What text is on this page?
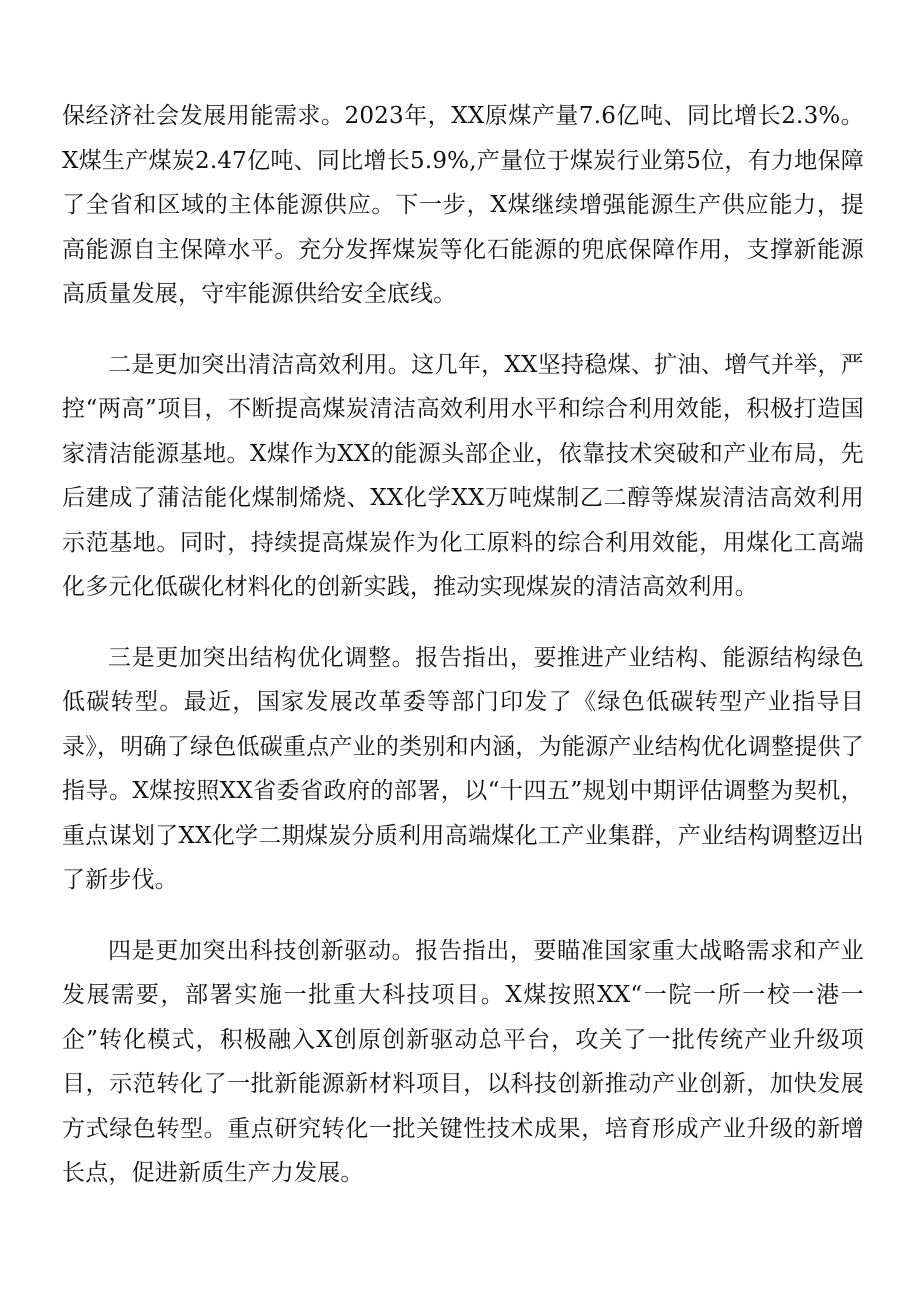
保经济社会发展用能需求。2023年，XX原煤产量7.6亿吨、同比增长2.3%。X煤生产煤炭2.47亿吨、同比增长5.9%,产量位于煤炭行业第5位，有力地保障了全省和区域的主体能源供应。下一步，X煤继续增强能源生产供应能力，提高能源自主保障水平。充分发挥煤炭等化石能源的兜底保障作用，支撑新能源高质量发展，守牢能源供给安全底线。

二是更加突出清洁高效利用。这几年，XX坚持稳煤、扩油、增气并举，严控“两高”项目，不断提高煤炭清洁高效利用水平和综合利用效能，积极打造国家清洁能源基地。X煤作为XX的能源头部企业，依靠技术突破和产业布局，先后建成了蒲洁能化煤制烯烧、XX化学XX万吨煤制乙二醇等煤炭清洁高效利用示范基地。同时，持续提高煤炭作为化工原料的综合利用效能，用煤化工高端化多元化低碳化材料化的创新实践，推动实现煤炭的清洁高效利用。

三是更加突出结构优化调整。报告指出，要推进产业结构、能源结构绿色低碳转型。最近，国家发展改革委等部门印发了《绿色低碳转型产业指导目录》，明确了绿色低碳重点产业的类别和内涵，为能源产业结构优化调整提供了指导。X煤按照XX省委省政府的部署，以“十四五”规划中期评估调整为契机，重点谋划了XX化学二期煤炭分质利用高端煤化工产业集群，产业结构调整迈出了新步伐。

四是更加突出科技创新驱动。报告指出，要瞄准国家重大战略需求和产业发展需要，部署实施一批重大科技项目。X煤按照XX“一院一所一校一港一企”转化模式，积极融入X创原创新驱动总平台，攻关了一批传统产业升级项目，示范转化了一批新能源新材料项目，以科技创新推动产业创新，加快发展方式绿色转型。重点研究转化一批关键性技术成果，培育形成产业升级的新增长点，促进新质生产力发展。
